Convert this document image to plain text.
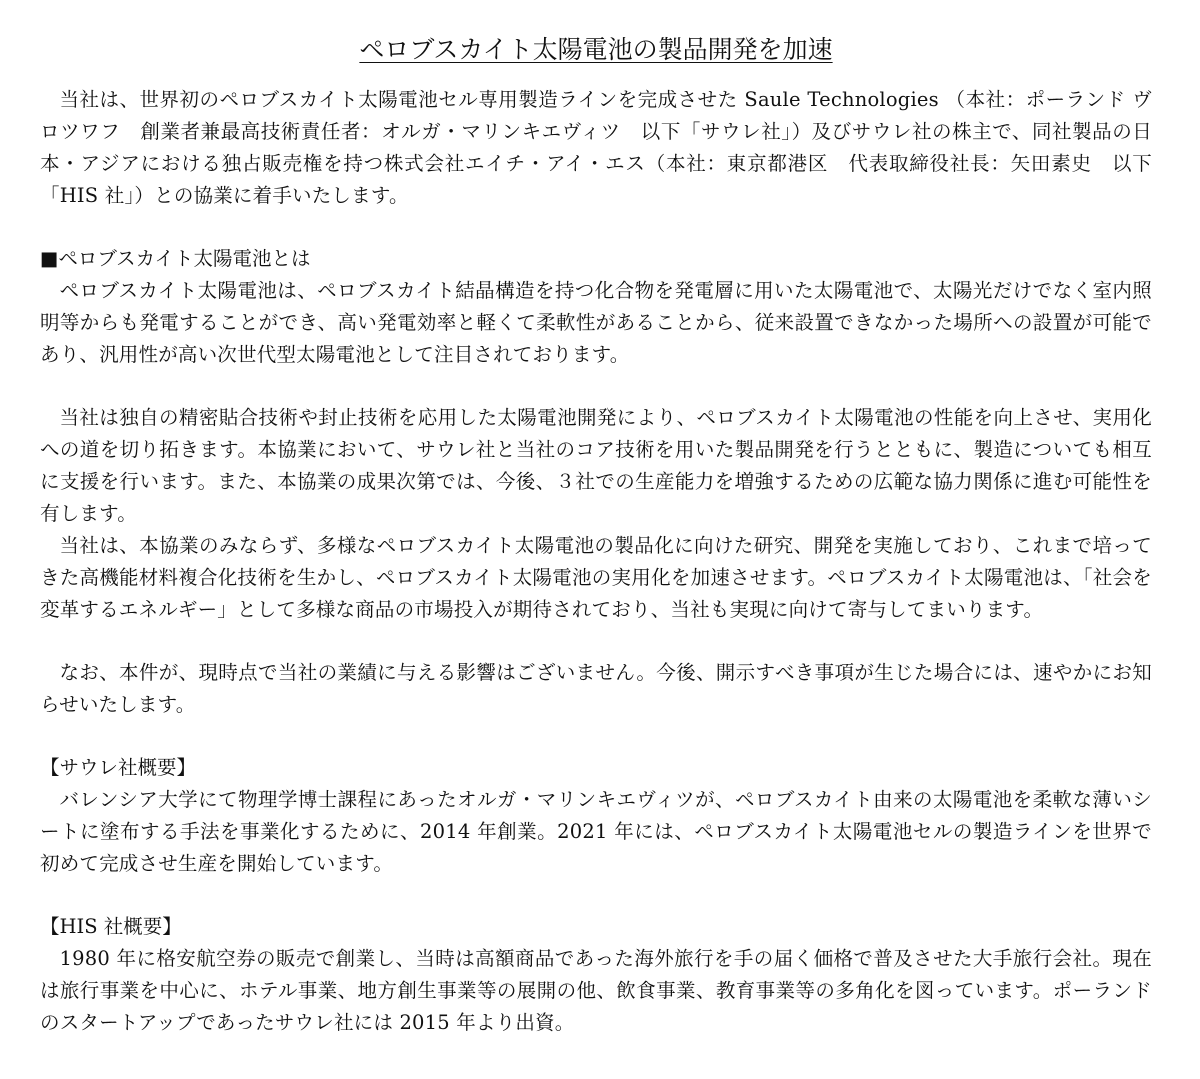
ペロブスカイト太陽電池の製品開発を加速

当社は、世界初のペロブスカイト太陽電池セル専用製造ラインを完成させた Saule Technologies （本社：ポーランド ヴロツワフ　創業者兼最高技術責任者：オルガ・マリンキエヴィツ　以下「サウレ社」）及びサウレ社の株主で、同社製品の日本・アジアにおける独占販売権を持つ株式会社エイチ・アイ・エス（本社：東京都港区　代表取締役社長：矢田素史　以下「HIS 社」）との協業に着手いたします。

■ペロブスカイト太陽電池とは

ペロブスカイト太陽電池は、ペロブスカイト結晶構造を持つ化合物を発電層に用いた太陽電池で、太陽光だけでなく室内照明等からも発電することができ、高い発電効率と軽くて柔軟性があることから、従来設置できなかった場所への設置が可能であり、汎用性が高い次世代型太陽電池として注目されております。

当社は独自の精密貼合技術や封止技術を応用した太陽電池開発により、ペロブスカイト太陽電池の性能を向上させ、実用化への道を切り拓きます。本協業において、サウレ社と当社のコア技術を用いた製品開発を行うとともに、製造についても相互に支援を行います。また、本協業の成果次第では、今後、３社での生産能力を増強するための広範な協力関係に進む可能性を有します。

当社は、本協業のみならず、多様なペロブスカイト太陽電池の製品化に向けた研究、開発を実施しており、これまで培ってきた高機能材料複合化技術を生かし、ペロブスカイト太陽電池の実用化を加速させます。ペロブスカイト太陽電池は、「社会を変革するエネルギー」として多様な商品の市場投入が期待されており、当社も実現に向けて寄与してまいります。

なお、本件が、現時点で当社の業績に与える影響はございません。今後、開示すべき事項が生じた場合には、速やかにお知らせいたします。

【サウレ社概要】

バレンシア大学にて物理学博士課程にあったオルガ・マリンキエヴィツが、ペロブスカイト由来の太陽電池を柔軟な薄いシートに塗布する手法を事業化するために、2014 年創業。2021 年には、ペロブスカイト太陽電池セルの製造ラインを世界で初めて完成させ生産を開始しています。

【HIS 社概要】

1980 年に格安航空券の販売で創業し、当時は高額商品であった海外旅行を手の届く価格で普及させた大手旅行会社。現在は旅行事業を中心に、ホテル事業、地方創生事業等の展開の他、飲食事業、教育事業等の多角化を図っています。ポーランドのスタートアップであったサウレ社には 2015 年より出資。
